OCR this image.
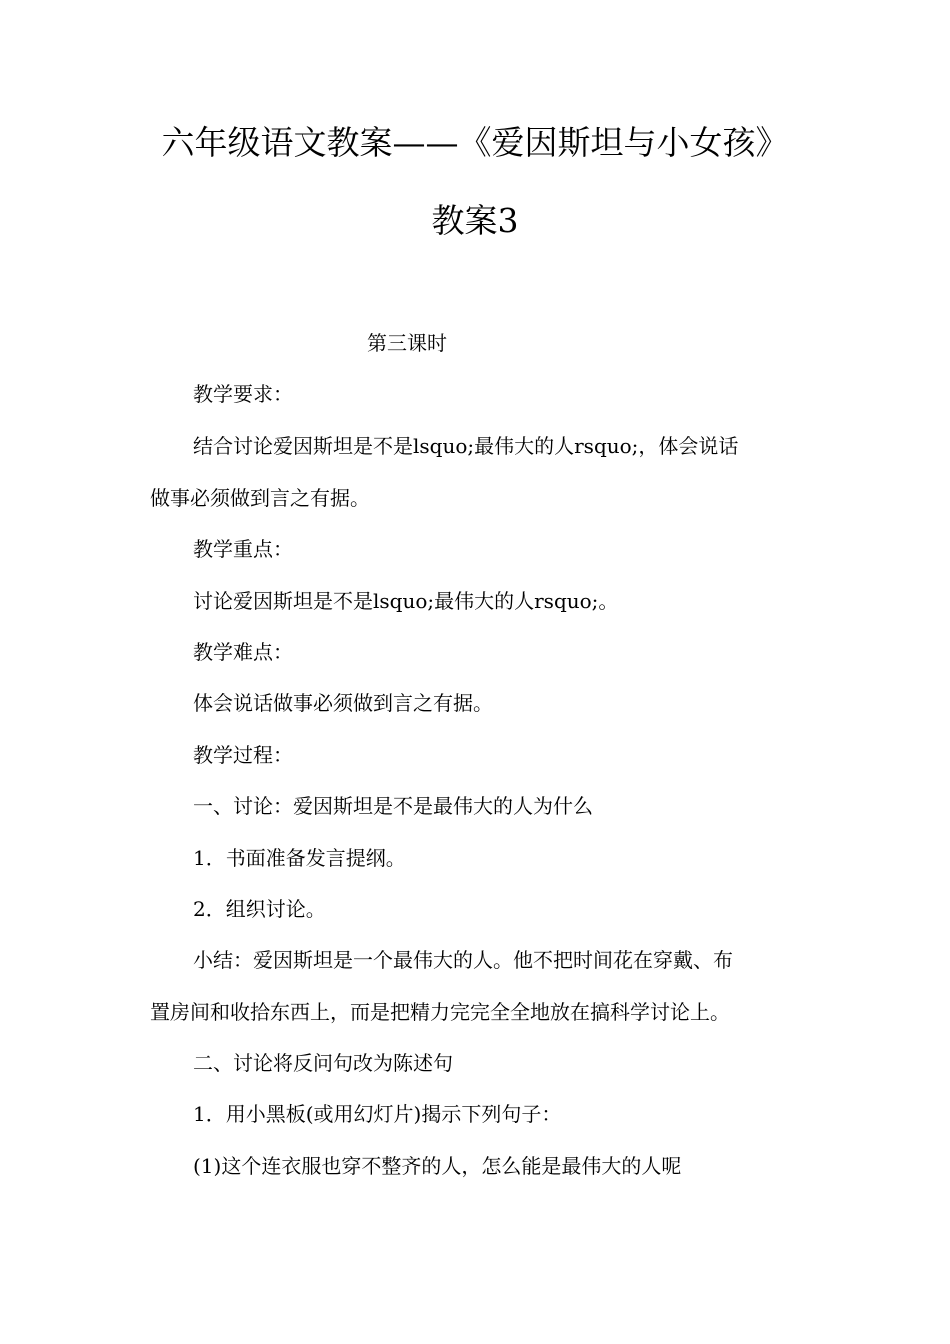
六年级语文教案——《爱因斯坦与小女孩》
教案3
第三课时
教学要求：
结合讨论爱因斯坦是不是lsquo;最伟大的人rsquo;，体会说话
做事必须做到言之有据。
教学重点：
讨论爱因斯坦是不是lsquo;最伟大的人rsquo;。
教学难点：
体会说话做事必须做到言之有据。
教学过程：
一、讨论：爱因斯坦是不是最伟大的人为什么
1．书面准备发言提纲。
2．组织讨论。
小结：爱因斯坦是一个最伟大的人。他不把时间花在穿戴、布
置房间和收拾东西上，而是把精力完完全全地放在搞科学讨论上。
二、讨论将反问句改为陈述句
1．用小黑板(或用幻灯片)揭示下列句子：
(1)这个连衣服也穿不整齐的人，怎么能是最伟大的人呢
